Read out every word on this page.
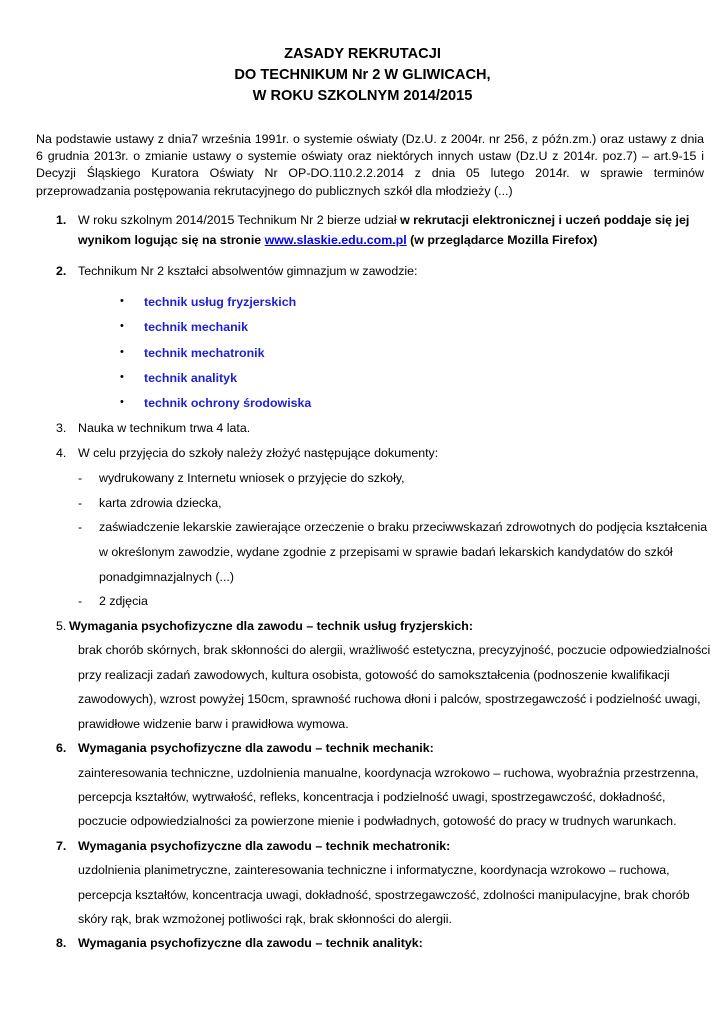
ZASADY REKRUTACJI
DO TECHNIKUM Nr 2 W GLIWICACH,
W ROKU SZKOLNYM 2014/2015
Na podstawie ustawy z dnia7 września 1991r. o systemie oświaty (Dz.U. z 2004r. nr 256, z późn.zm.) oraz ustawy z dnia 6 grudnia 2013r. o zmianie ustawy o systemie oświaty oraz niektórych innych ustaw (Dz.U z 2014r. poz.7) – art.9-15 i Decyzji Śląskiego Kuratora Oświaty Nr OP-DO.110.2.2.2014 z dnia 05 lutego 2014r. w sprawie terminów przeprowadzania postępowania rekrutacyjnego do publicznych szkół dla młodzieży (...)
1. W roku szkolnym 2014/2015 Technikum Nr 2 bierze udział w rekrutacji elektronicznej i uczeń poddaje się jej
wynikom logując się na stronie www.slaskie.edu.com.pl (w przeglądarce Mozilla Firefox)
2. Technikum Nr 2 kształci absolwentów gimnazjum w zawodzie:
• technik usług fryzjerskich
• technik mechanik
• technik mechatronik
• technik analityk
• technik ochrony środowiska
3. Nauka w technikum trwa 4 lata.
4. W celu przyjęcia do szkoły należy złożyć następujące dokumenty:
- wydrukowany z Internetu wniosek o przyjęcie do szkoły,
- karta zdrowia dziecka,
- zaświadczenie lekarskie zawierające orzeczenie o braku przeciwwskazań zdrowotnych do podjęcia kształcenia
w określonym zawodzie, wydane zgodnie z przepisami w sprawie badań lekarskich kandydatów do szkół
ponadgimnazjalnych (...)
- 2 zdjęcia
5. Wymagania psychofizyczne dla zawodu – technik usług fryzjerskich:
brak chorób skórnych, brak skłonności do alergii, wrażliwość estetyczna, precyzyjność, poczucie odpowiedzialności
przy realizacji zadań zawodowych, kultura osobista, gotowość do samokształcenia (podnoszenie kwalifikacji
zawodowych), wzrost powyżej 150cm, sprawność ruchowa dłoni i palców, spostrzegawczość i podzielność uwagi,
prawidłowe widzenie barw i prawidłowa wymowa.
6. Wymagania psychofizyczne dla zawodu – technik mechanik:
zainteresowania techniczne, uzdolnienia manualne, koordynacja wzrokowo – ruchowa, wyobraźnia przestrzenna,
percepcja kształtów, wytrwałość, refleks, koncentracja i podzielność uwagi, spostrzegawczość, dokładność,
poczucie odpowiedzialności za powierzone mienie i podwładnych, gotowość do pracy w trudnych warunkach.
7. Wymagania psychofizyczne dla zawodu – technik mechatronik:
uzdolnienia planimetryczne, zainteresowania techniczne i informatyczne, koordynacja wzrokowo – ruchowa,
percepcja kształtów, koncentracja uwagi, dokładność, spostrzegawczość, zdolności manipulacyjne, brak chorób
skóry rąk, brak wzmożonej potliwości rąk, brak skłonności do alergii.
8. Wymagania psychofizyczne dla zawodu – technik analityk:
